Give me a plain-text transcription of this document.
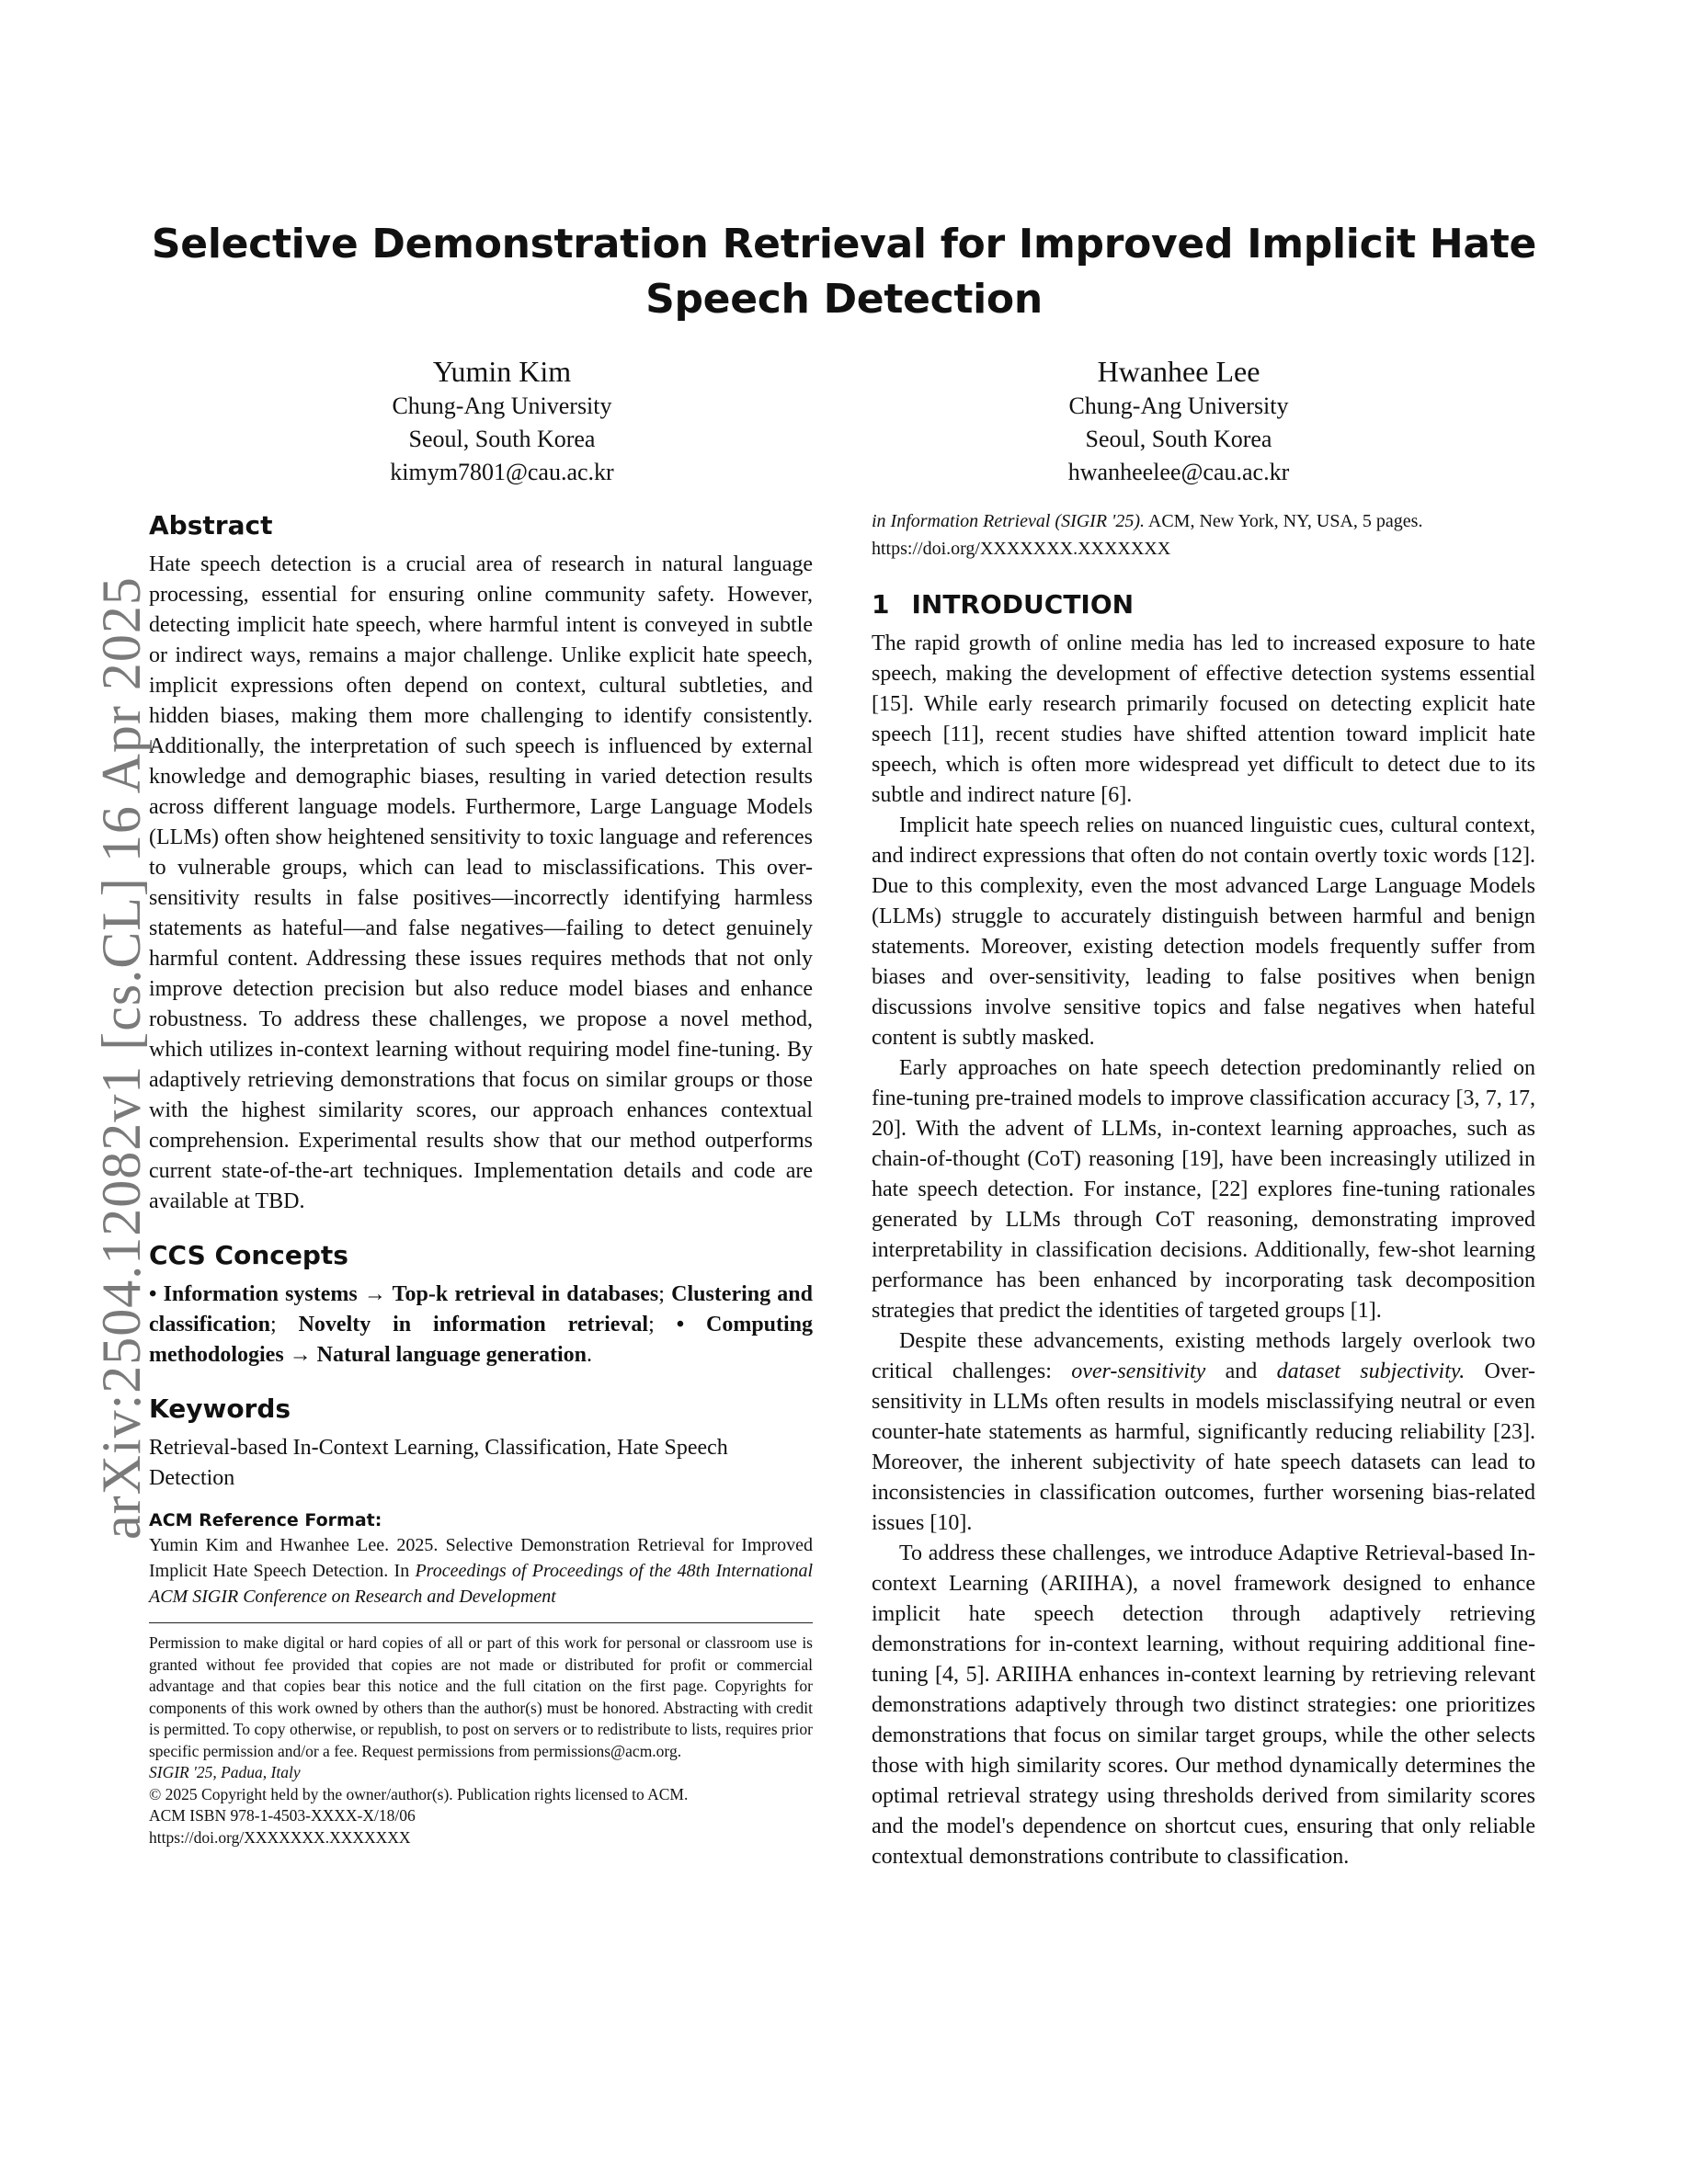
arXiv:2504.12082v1 [cs.CL] 16 Apr 2025
Selective Demonstration Retrieval for Improved Implicit Hate Speech Detection
Yumin Kim
Chung-Ang University
Seoul, South Korea
kimym7801@cau.ac.kr
Hwanhee Lee
Chung-Ang University
Seoul, South Korea
hwanheelee@cau.ac.kr
Abstract

Hate speech detection is a crucial area of research in natural language processing, essential for ensuring online community safety. However, detecting implicit hate speech, where harmful intent is conveyed in subtle or indirect ways, remains a major challenge. Unlike explicit hate speech, implicit expressions often depend on context, cultural subtleties, and hidden biases, making them more challenging to identify consistently. Additionally, the interpretation of such speech is influenced by external knowledge and demographic biases, resulting in varied detection results across different language models. Furthermore, Large Language Models (LLMs) often show heightened sensitivity to toxic language and references to vulnerable groups, which can lead to misclassifications. This over-sensitivity results in false positives—incorrectly identifying harmless statements as hateful—and false negatives—failing to detect genuinely harmful content. Addressing these issues requires methods that not only improve detection precision but also reduce model biases and enhance robustness. To address these challenges, we propose a novel method, which utilizes in-context learning without requiring model fine-tuning. By adaptively retrieving demonstrations that focus on similar groups or those with the highest similarity scores, our approach enhances contextual comprehension. Experimental results show that our method outperforms current state-of-the-art techniques. Implementation details and code are available at TBD.

CCS Concepts

• Information systems → Top-k retrieval in databases; Clustering and classification; Novelty in information retrieval; • Computing methodologies → Natural language generation.

Keywords

Retrieval-based In-Context Learning, Classification, Hate Speech Detection

ACM Reference Format:

Yumin Kim and Hwanhee Lee. 2025. Selective Demonstration Retrieval for Improved Implicit Hate Speech Detection. In Proceedings of Proceedings of the 48th International ACM SIGIR Conference on Research and Development

Permission to make digital or hard copies of all or part of this work for personal or classroom use is granted without fee provided that copies are not made or distributed for profit or commercial advantage and that copies bear this notice and the full citation on the first page. Copyrights for components of this work owned by others than the author(s) must be honored. Abstracting with credit is permitted. To copy otherwise, or republish, to post on servers or to redistribute to lists, requires prior specific permission and/or a fee. Request permissions from permissions@acm.org.

SIGIR '25, Padua, Italy

© 2025 Copyright held by the owner/author(s). Publication rights licensed to ACM.

ACM ISBN 978-1-4503-XXXX-X/18/06

https://doi.org/XXXXXXX.XXXXXXX

in Information Retrieval (SIGIR '25). ACM, New York, NY, USA, 5 pages.
https://doi.org/XXXXXXX.XXXXXXX

1 INTRODUCTION

The rapid growth of online media has led to increased exposure to hate speech, making the development of effective detection systems essential [15]. While early research primarily focused on detecting explicit hate speech [11], recent studies have shifted attention toward implicit hate speech, which is often more widespread yet difficult to detect due to its subtle and indirect nature [6].

Implicit hate speech relies on nuanced linguistic cues, cultural context, and indirect expressions that often do not contain overtly toxic words [12]. Due to this complexity, even the most advanced Large Language Models (LLMs) struggle to accurately distinguish between harmful and benign statements. Moreover, existing detection models frequently suffer from biases and over-sensitivity, leading to false positives when benign discussions involve sensitive topics and false negatives when hateful content is subtly masked.

Early approaches on hate speech detection predominantly relied on fine-tuning pre-trained models to improve classification accuracy [3, 7, 17, 20]. With the advent of LLMs, in-context learning approaches, such as chain-of-thought (CoT) reasoning [19], have been increasingly utilized in hate speech detection. For instance, [22] explores fine-tuning rationales generated by LLMs through CoT reasoning, demonstrating improved interpretability in classification decisions. Additionally, few-shot learning performance has been enhanced by incorporating task decomposition strategies that predict the identities of targeted groups [1].

Despite these advancements, existing methods largely overlook two critical challenges: over-sensitivity and dataset subjectivity. Over-sensitivity in LLMs often results in models misclassifying neutral or even counter-hate statements as harmful, significantly reducing reliability [23]. Moreover, the inherent subjectivity of hate speech datasets can lead to inconsistencies in classification outcomes, further worsening bias-related issues [10].

To address these challenges, we introduce Adaptive Retrieval-based In-context Learning (ARIIHA), a novel framework designed to enhance implicit hate speech detection through adaptively retrieving demonstrations for in-context learning, without requiring additional fine-tuning [4, 5]. ARIIHA enhances in-context learning by retrieving relevant demonstrations adaptively through two distinct strategies: one prioritizes demonstrations that focus on similar target groups, while the other selects those with high similarity scores. Our method dynamically determines the optimal retrieval strategy using thresholds derived from similarity scores and the model's dependence on shortcut cues, ensuring that only reliable contextual demonstrations contribute to classification.
